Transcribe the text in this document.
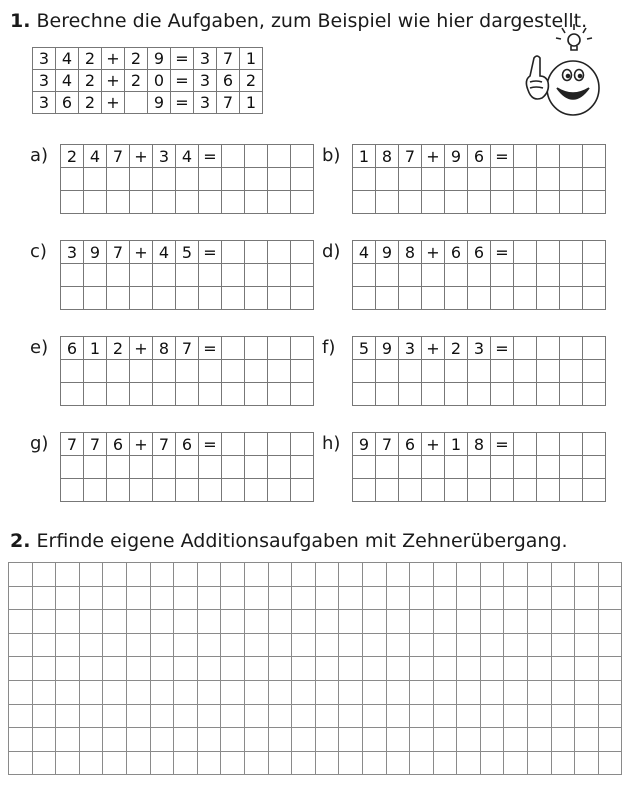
1. Berechne die Aufgaben, zum Beispiel wie hier dargestellt.
3	4	2	+	2	9	=	3	7	1
3	4	2	+	2	0	=	3	6	2
3	6	2	+		9	=	3	7	1
a) 2	4	7	+	3	4	=				

											b) 1	8	7	+	9	6	=				

c) 3	9	7	+	4	5	=				

											d) 4	9	8	+	6	6	=				

e) 6	1	2	+	8	7	=				

											f) 5	9	3	+	2	3	=				

g) 7	7	6	+	7	6	=				

											h) 9	7	6	+	1	8	=				

2. Erfinde eigene Additionsaufgaben mit Zehnerübergang.
